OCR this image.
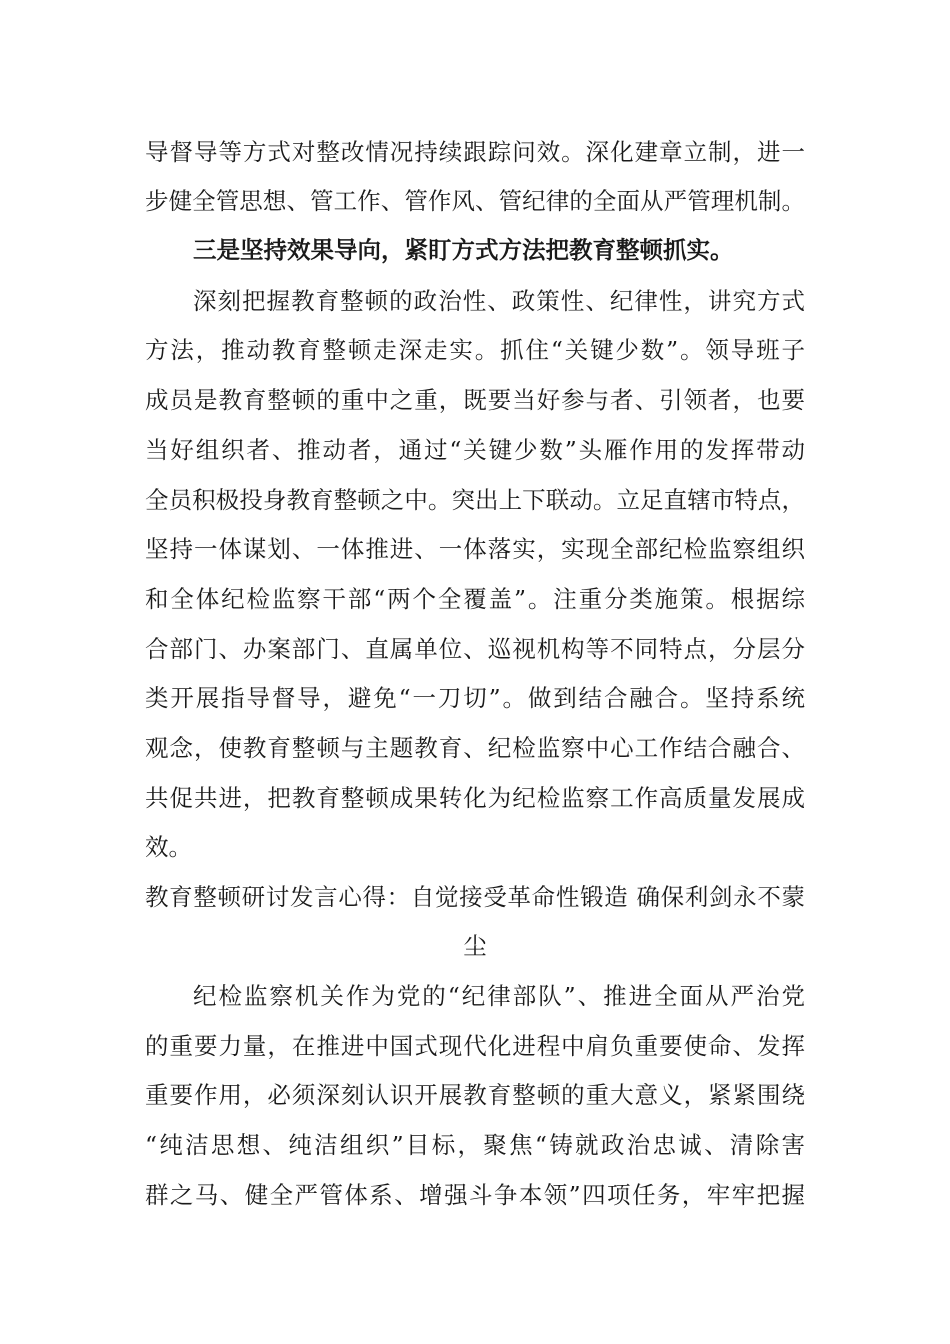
导督导等方式对整改情况持续跟踪问效。深化建章立制，进一
步健全管思想、管工作、管作风、管纪律的全面从严管理机制。
三是坚持效果导向，紧盯方式方法把教育整顿抓实。
深刻把握教育整顿的政治性、政策性、纪律性，讲究方式
方法，推动教育整顿走深走实。抓住“关键少数”。领导班子
成员是教育整顿的重中之重，既要当好参与者、引领者，也要
当好组织者、推动者，通过“关键少数”头雁作用的发挥带动
全员积极投身教育整顿之中。突出上下联动。立足直辖市特点，
坚持一体谋划、一体推进、一体落实，实现全部纪检监察组织
和全体纪检监察干部“两个全覆盖”。注重分类施策。根据综
合部门、办案部门、直属单位、巡视机构等不同特点，分层分
类开展指导督导，避免“一刀切”。做到结合融合。坚持系统
观念，使教育整顿与主题教育、纪检监察中心工作结合融合、
共促共进，把教育整顿成果转化为纪检监察工作高质量发展成
效。
教育整顿研讨发言心得：自觉接受革命性锻造 确保利剑永不蒙
尘
纪检监察机关作为党的“纪律部队”、推进全面从严治党
的重要力量，在推进中国式现代化进程中肩负重要使命、发挥
重要作用，必须深刻认识开展教育整顿的重大意义，紧紧围绕
“纯洁思想、纯洁组织”目标，聚焦“铸就政治忠诚、清除害
群之马、健全严管体系、增强斗争本领”四项任务，牢牢把握
